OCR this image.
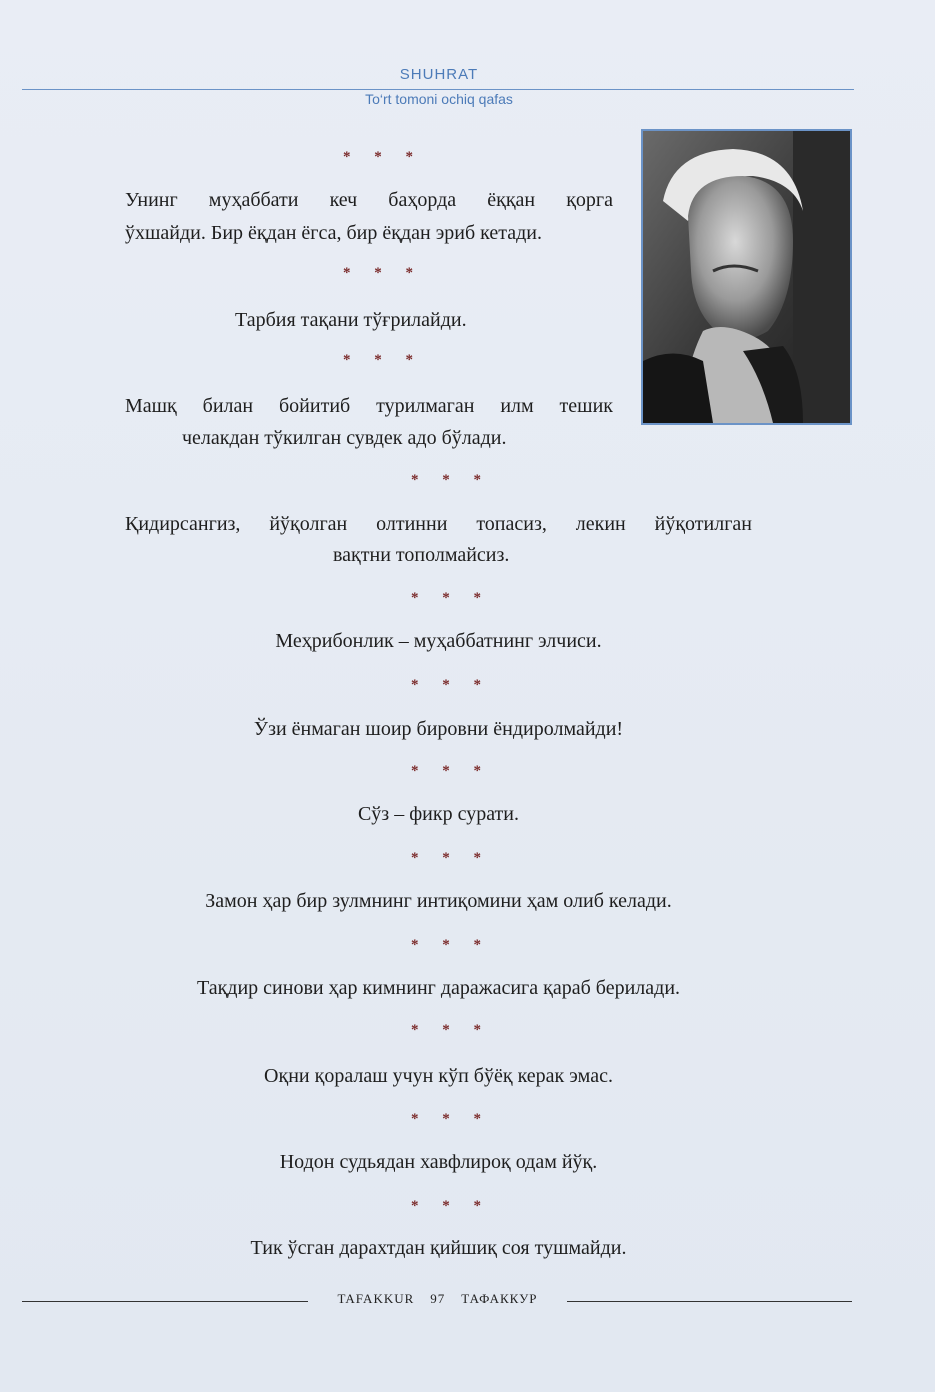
SHUHRAT
To‘rt tomoni ochiq qafas
* * *
Унинг муҳаббати кеч баҳорда ёққан қорга
ўхшайди. Бир ёқдан ёгса, бир ёқдан эриб кетади.
* * *
Тарбия тақани тўғрилайди.
* * *
Машқ билан бойитиб турилмаган илм тешик
челакдан тўкилган сувдек адо бўлади.
* * *
Қидирсангиз, йўқолган олтинни топасиз, лекин йўқотилган
вақтни тополмайсиз.
* * *
Меҳрибонлик – муҳаббатнинг элчиси.
* * *
Ўзи ёнмаган шоир бировни ёндиролмайди!
* * *
Сўз – фикр сурати.
* * *
Замон ҳар бир зулмнинг интиқомини ҳам олиб келади.
* * *
Тақдир синови ҳар кимнинг даражасига қараб берилади.
* * *
Оқни қоралаш учун кўп бўёқ керак эмас.
* * *
Нодон судьядан хавфлироқ одам йўқ.
* * *
Тик ўсган дарахтдан қийшиқ соя тушмайди.
TAFAKKUR 97 ТАФАККУР
